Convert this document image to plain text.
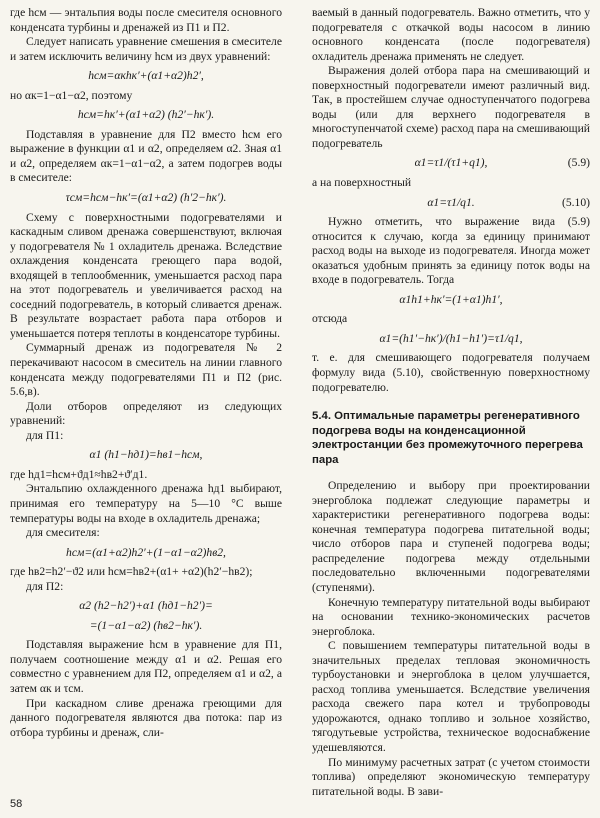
где hсм — энтальпия воды после смесителя основного конденсата турбины и дренажей из П1 и П2.

Следует написать уравнение смешения в смесителе и затем исключить величину hсм из двух уравнений:

hсм=αкhк′+(α1+α2)h2′,

но αк=1−α1−α2, поэтому

hсм=hк′+(α1+α2) (h2′−hк′).

Подставляя в уравнение для П2 вместо hсм его выражение в функции α1 и α2, определяем α2. Зная α1 и α2, определяем αк=1−α1−α2, а затем подогрев воды в смесителе:

τсм=hсм−hк′=(α1+α2) (h′2−hк′).

Схему с поверхностными подогревателями и каскадным сливом дренажа совершенствуют, включая у подогревателя № 1 охладитель дренажа. Вследствие охлаждения конденсата греющего пара водой, входящей в теплообменник, уменьшается расход пара на этот подогреватель и увеличивается расход на соседний подогреватель, в который сливается дренаж. В результате возрастает работа пара отборов и уменьшается потеря теплоты в конденсаторе турбины.

Суммарный дренаж из подогревателя № 2 перекачивают насосом в смеситель на линии главного конденсата между подогревателями П1 и П2 (рис. 5.6,в).

Доли отборов определяют из следующих уравнений:

для П1:

α1 (h1−hд1)=hв1−hсм,

где hд1=hсм+ϑд1≈hв2+ϑ′д1.

Энтальпию охлажденного дренажа hд1 выбирают, принимая его температуру на 5—10 °С выше температуры воды на входе в охладитель дренажа;

для смесителя:

hсм=(α1+α2)h2′+(1−α1−α2)hв2,

где hв2=h2′−ϑ2 или hсм=hв2+(α1+ +α2)(h2′−hв2);

для П2:

α2 (h2−h2′)+α1 (hд1−h2′)=
=(1−α1−α2) (hв2−hк′).

Подставляя выражение hсм в уравнение для П1, получаем соотношение между α1 и α2. Решая его совместно с уравнением для П2, определяем α1 и α2, а затем αк и τсм.

При каскадном сливе дренажа греющими для данного подогревателя являются два потока: пар из отбора турбины и дренаж, сли-

ваемый в данный подогреватель. Важно отметить, что у подогревателя с откачкой воды насосом в линию основного конденсата (после подогревателя) охладитель дренажа применять не следует.

Выражения долей отбора пара на смешивающий и поверхностный подогреватели имеют различный вид. Так, в простейшем случае одноступенчатого подогрева воды (или для верхнего подогревателя в многоступенчатой схеме) расход пара на смешивающий подогреватель

α1=τ1/(τ1+q1),	(5.9)

а на поверхностный

α1=τ1/q1.	(5.10)

Нужно отметить, что выражение вида (5.9) относится к случаю, когда за единицу принимают расход воды на выходе из подогревателя. Иногда может оказаться удобным принять за единицу поток воды на входе в подогреватель. Тогда

α1h1+hк′=(1+α1)h1′,

отсюда

α1=(h1′−hк′)/(h1−h1′)=τ1/q1,

т. е. для смешивающего подогревателя получаем формулу вида (5.10), свойственную поверхностному подогревателю.

5.4. Оптимальные параметры регенеративного подогрева воды на конденсационной электростанции без промежуточного перегрева пара

Определению и выбору при проектировании энергоблока подлежат следующие параметры и характеристики регенеративного подогрева воды: конечная температура подогрева питательной воды; число отборов пара и ступеней подогрева воды; распределение подогрева между отдельными последовательно включенными подогревателями (ступенями).

Конечную температуру питательной воды выбирают на основании технико-экономических расчетов энергоблока.

С повышением температуры питательной воды в значительных пределах тепловая экономичность турбоустановки и энергоблока в целом улучшается, расход топлива уменьшается. Вследствие увеличения расхода свежего пара котел и трубопроводы удорожаются, однако топливо и зольное хозяйство, тягодутьевые устройства, техническое водоснабжение удешевляются.

По минимуму расчетных затрат (с учетом стоимости топлива) определяют экономическую температуру питательной воды. В зави-

58
